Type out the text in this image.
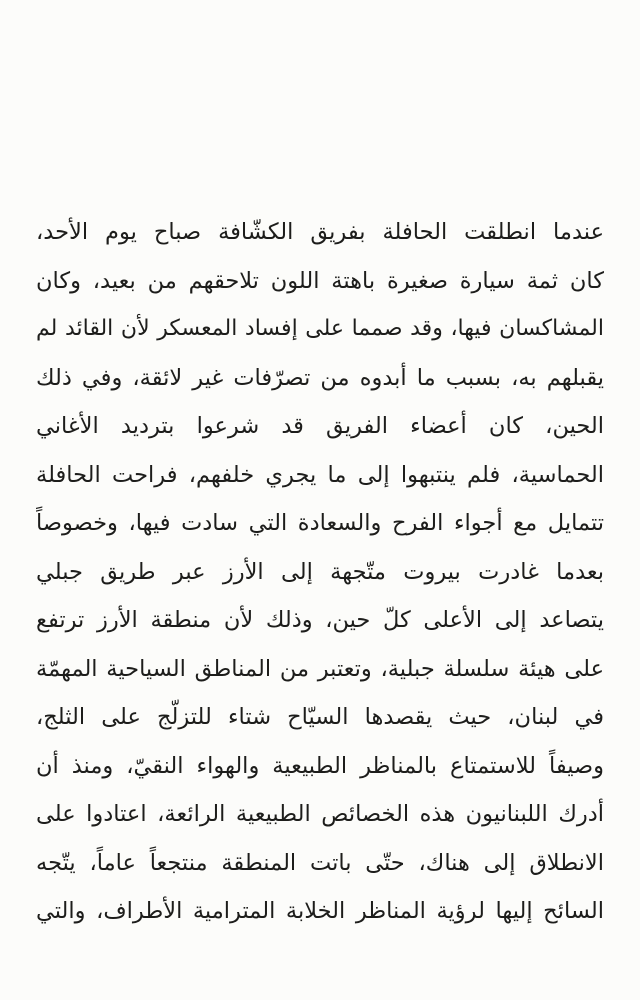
عندما انطلقت الحافلة بفريق الكشّافة صباح يوم الأحد،
كان ثمة سيارة صغيرة باهتة اللون تلاحقهم من بعيد، وكان
المشاكسان فيها، وقد صمما على إفساد المعسكر لأن القائد لم
يقبلهم به، بسبب ما أبدوه من تصرّفات غير لائقة، وفي ذلك
الحين، كان أعضاء الفريق قد شرعوا بترديد الأغاني
الحماسية، فلم ينتبهوا إلى ما يجري خلفهم، فراحت الحافلة
تتمايل مع أجواء الفرح والسعادة التي سادت فيها، وخصوصاً
بعدما غادرت بيروت متّجهة إلى الأرز عبر طريق جبلي
يتصاعد إلى الأعلى كلّ حين، وذلك لأن منطقة الأرز ترتفع
على هيئة سلسلة جبلية، وتعتبر من المناطق السياحية المهمّة
في لبنان، حيث يقصدها السيّاح شتاء للتزلّج على الثلج،
وصيفاً للاستمتاع بالمناظر الطبيعية والهواء النقيّ، ومنذ أن
أدرك اللبنانيون هذه الخصائص الطبيعية الرائعة، اعتادوا على
الانطلاق إلى هناك، حتّى باتت المنطقة منتجعاً عاماً، يتّجه
السائح إليها لرؤية المناظر الخلابة المترامية الأطراف، والتي
